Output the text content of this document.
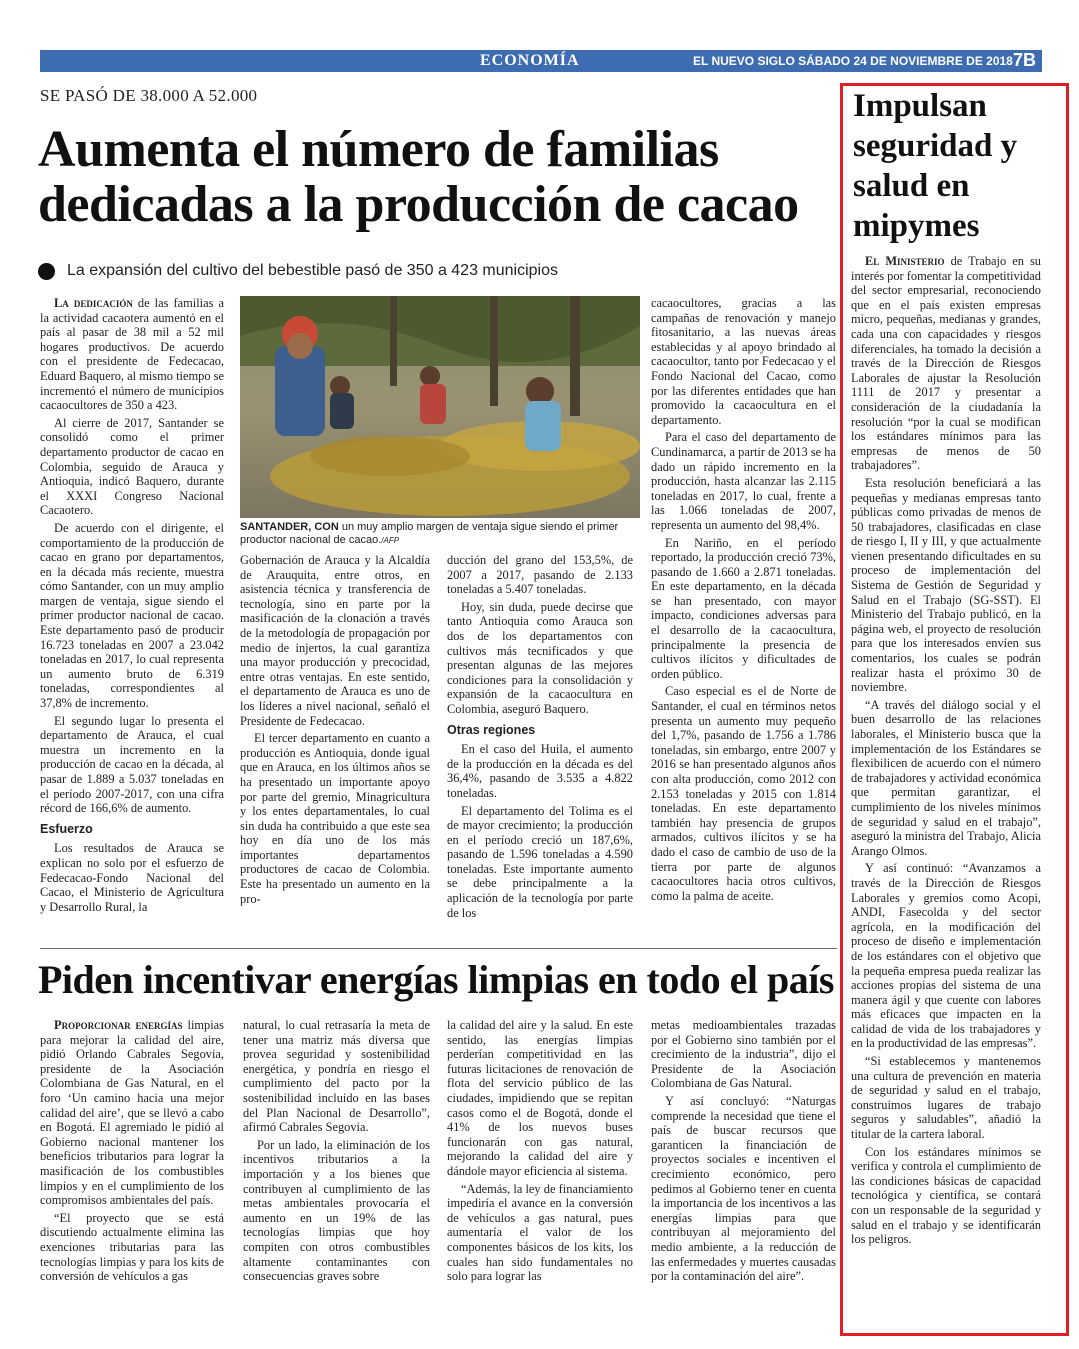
ECONOMÍA	EL NUEVO SIGLO SÁBADO 24 DE NOVIEMBRE DE 2018 7B
SE PASÓ DE 38.000 A 52.000
Aumenta el número de familias dedicadas a la producción de cacao
La expansión del cultivo del bebestible pasó de 350 a 423 municipios

La dedicación de las familias a la actividad cacaotera aumentó en el país al pasar de 38 mil a 52 mil hogares productivos. De acuerdo con el presidente de Fedecacao, Eduard Baquero, al mismo tiempo se incrementó el número de municipios cacaocultores de 350 a 423.

Al cierre de 2017, Santander se consolidó como el primer departamento productor de cacao en Colombia, seguido de Arauca y Antioquia, indicó Baquero, durante el XXXI Congreso Nacional Cacaotero.

De acuerdo con el dirigente, el comportamiento de la producción de cacao en grano por departamentos, en la década más reciente, muestra cómo Santander, con un muy amplio margen de ventaja, sigue siendo el primer productor nacional de cacao. Este departamento pasó de producir 16.723 toneladas en 2007 a 23.042 toneladas en 2017, lo cual representa un aumento bruto de 6.319 toneladas, correspondientes al 37,8% de incremento.

El segundo lugar lo presenta el departamento de Arauca, el cual muestra un incremento en la producción de cacao en la década, al pasar de 1.889 a 5.037 toneladas en el período 2007-2017, con una cifra récord de 166,6% de aumento.

Esfuerzo

Los resultados de Arauca se explican no solo por el esfuerzo de Fedecacao-Fondo Nacional del Cacao, el Ministerio de Agricultura y Desarrollo Rural, la

SANTANDER, CON un muy amplio margen de ventaja sigue siendo el primer productor nacional de cacao./AFP

Gobernación de Arauca y la Alcaldía de Arauquita, entre otros, en asistencia técnica y transferencia de tecnología, sino en parte por la masificación de la clonación a través de la metodología de propagación por medio de injertos, la cual garantiza una mayor producción y precocidad, entre otras ventajas. En este sentido, el departamento de Arauca es uno de los líderes a nivel nacional, señaló el Presidente de Fedecacao.

El tercer departamento en cuanto a producción es Antioquia, donde igual que en Arauca, en los últimos años se ha presentado un importante apoyo por parte del gremio, Minagricultura y los entes departamentales, lo cual sin duda ha contribuido a que este sea hoy en día uno de los más importantes departamentos productores de cacao de Colombia. Este ha presentado un aumento en la pro-

ducción del grano del 153,5%, de 2007 a 2017, pasando de 2.133 toneladas a 5.407 toneladas.

Hoy, sin duda, puede decirse que tanto Antioquia como Arauca son dos de los departamentos con cultivos más tecnificados y que presentan algunas de las mejores condiciones para la consolidación y expansión de la cacaocultura en Colombia, aseguró Baquero.

Otras regiones

En el caso del Huila, el aumento de la producción en la década es del 36,4%, pasando de 3.535 a 4.822 toneladas.

El departamento del Tolima es el de mayor crecimiento; la producción en el período creció un 187,6%, pasando de 1.596 toneladas a 4.590 toneladas. Este importante aumento se debe principalmente a la aplicación de la tecnología por parte de los

cacaocultores, gracias a las campañas de renovación y manejo fitosanitario, a las nuevas áreas establecidas y al apoyo brindado al cacaocultor, tanto por Fedecacao y el Fondo Nacional del Cacao, como por las diferentes entidades que han promovido la cacaocultura en el departamento.

Para el caso del departamento de Cundinamarca, a partir de 2013 se ha dado un rápido incremento en la producción, hasta alcanzar las 2.115 toneladas en 2017, lo cual, frente a las 1.066 toneladas de 2007, representa un aumento del 98,4%.

En Nariño, en el período reportado, la producción creció 73%, pasando de 1.660 a 2.871 toneladas. En este departamento, en la década se han presentado, con mayor impacto, condiciones adversas para el desarrollo de la cacaocultura, principalmente la presencia de cultivos ilícitos y dificultades de orden público.

Caso especial es el de Norte de Santander, el cual en términos netos presenta un aumento muy pequeño del 1,7%, pasando de 1.756 a 1.786 toneladas, sin embargo, entre 2007 y 2016 se han presentado algunos años con alta producción, como 2012 con 2.153 toneladas y 2015 con 1.814 toneladas. En este departamento también hay presencia de grupos armados, cultivos ilícitos y se ha dado el caso de cambio de uso de la tierra por parte de algunos cacaocultores hacia otros cultivos, como la palma de aceite.

Piden incentivar energías limpias en todo el país

Proporcionar energías limpias para mejorar la calidad del aire, pidió Orlando Cabrales Segovia, presidente de la Asociación Colombiana de Gas Natural, en el foro ‘Un camino hacia una mejor calidad del aire’, que se llevó a cabo en Bogotá. El agremiado le pidió al Gobierno nacional mantener los beneficios tributarios para lograr la masificación de los combustibles limpios y en el cumplimiento de los compromisos ambientales del país.

“El proyecto que se está discutiendo actualmente elimina las exenciones tributarias para las tecnologías limpias y para los kits de conversión de vehículos a gas

natural, lo cual retrasaría la meta de tener una matriz más diversa que provea seguridad y sostenibilidad energética, y pondría en riesgo el cumplimiento del pacto por la sostenibilidad incluido en las bases del Plan Nacional de Desarrollo”, afirmó Cabrales Segovia.

Por un lado, la eliminación de los incentivos tributarios a la importación y a los bienes que contribuyen al cumplimiento de las metas ambientales provocaría el aumento en un 19% de las tecnologías limpias que hoy compiten con otros combustibles altamente contaminantes con consecuencias graves sobre

la calidad del aire y la salud. En este sentido, las energías limpias perderían competitividad en las futuras licitaciones de renovación de flota del servicio público de las ciudades, impidiendo que se repitan casos como el de Bogotá, donde el 41% de los nuevos buses funcionarán con gas natural, mejorando la calidad del aire y dándole mayor eficiencia al sistema.

“Además, la ley de financiamiento impediría el avance en la conversión de vehículos a gas natural, pues aumentaría el valor de los componentes básicos de los kits, los cuales han sido fundamentales no solo para lograr las

metas medioambientales trazadas por el Gobierno sino también por el crecimiento de la industria”, dijo el Presidente de la Asociación Colombiana de Gas Natural.

Y así concluyó: “Naturgas comprende la necesidad que tiene el país de buscar recursos que garanticen la financiación de proyectos sociales e incentiven el crecimiento económico, pero pedimos al Gobierno tener en cuenta la importancia de los incentivos a las energías limpias para que contribuyan al mejoramiento del medio ambiente, a la reducción de las enfermedades y muertes causadas por la contaminación del aire”.

Impulsan seguridad y salud en mipymes

El Ministerio de Trabajo en su interés por fomentar la competitividad del sector empresarial, reconociendo que en el país existen empresas micro, pequeñas, medianas y grandes, cada una con capacidades y riesgos diferenciales, ha tomado la decisión a través de la Dirección de Riesgos Laborales de ajustar la Resolución 1111 de 2017 y presentar a consideración de la ciudadanía la resolución “por la cual se modifican los estándares mínimos para las empresas de menos de 50 trabajadores”.

Esta resolución beneficiará a las pequeñas y medianas empresas tanto públicas como privadas de menos de 50 trabajadores, clasificadas en clase de riesgo I, II y III, y que actualmente vienen presentando dificultades en su proceso de implementación del Sistema de Gestión de Seguridad y Salud en el Trabajo (SG-SST). El Ministerio del Trabajo publicó, en la página web, el proyecto de resolución para que los interesados envíen sus comentarios, los cuales se podrán realizar hasta el próximo 30 de noviembre.

“A través del diálogo social y el buen desarrollo de las relaciones laborales, el Ministerio busca que la implementación de los Estándares se flexibilicen de acuerdo con el número de trabajadores y actividad económica que permitan garantizar, el cumplimiento de los niveles mínimos de seguridad y salud en el trabajo”, aseguró la ministra del Trabajo, Alicia Arango Olmos.

Y así continuó: “Avanzamos a través de la Dirección de Riesgos Laborales y gremios como Acopi, ANDI, Fasecolda y del sector agrícola, en la modificación del proceso de diseño e implementación de los estándares con el objetivo que la pequeña empresa pueda realizar las acciones propias del sistema de una manera ágil y que cuente con labores más eficaces que impacten en la calidad de vida de los trabajadores y en la productividad de las empresas”.

“Si establecemos y mantenemos una cultura de prevención en materia de seguridad y salud en el trabajo, construimos lugares de trabajo seguros y saludables”, añadió la titular de la cartera laboral.

Con los estándares mínimos se verifica y controla el cumplimiento de las condiciones básicas de capacidad tecnológica y científica, se contará con un responsable de la seguridad y salud en el trabajo y se identificarán los peligros.
